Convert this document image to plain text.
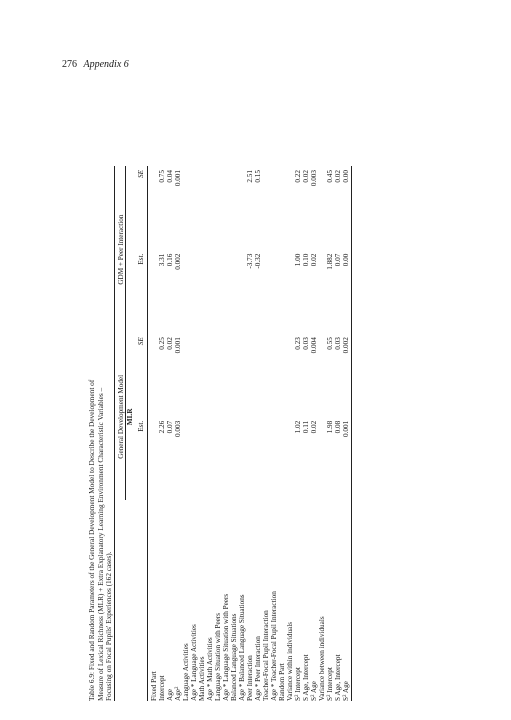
276 Appendix 6
Table 6.9: Fixed and Random Parameters of the General Development Model to Describe the Development of Measure of Lexical Richness (MLR) + Extra Explanatory Learning Environment Characteristic Variables – Focusing on Focal Pupils' Experiences (162 cases).
	General Development Model		GDM + Peer Interaction	
	MLR			
	Est.	SE	Est.	SE
Fixed Part				
Intercept	2.26	0.25	3.31	0.75
Age	0.07	0.02	0.16	0.04
Age$^2$	0.003	0.001	0.002	0.001
Language Activities				
Age * Language Activities				
Math Activities				
Age * Math Activities				
Language Situation with Peers				
Age * Language Situation with Peers				
Balanced Language Situations				
Age * Balanced Language Situations				
Peer Interaction			-3.73	2.51
Age * Peer Interaction			-0.32	0.15
Teacher-Focal Pupil Interaction				
Age * Teacher-Focal Pupil Interaction				
Random Part				
Variance within individuals				
$S^2$ Intercept	1.02	0.23	1.00	0.22
S Age, Intercept	0.11	0.03	0.10	0.02
$S^2$ Age	0.02	0.004	0.02	0.003
Variance between individuals				
$S^2$ Intercept	1.98	0.55	1.882	0.45
S Age, Intercept	0.08	0.03	0.07	0.02
$S^2$ Age	0.001	0.002	0.00	0.00
